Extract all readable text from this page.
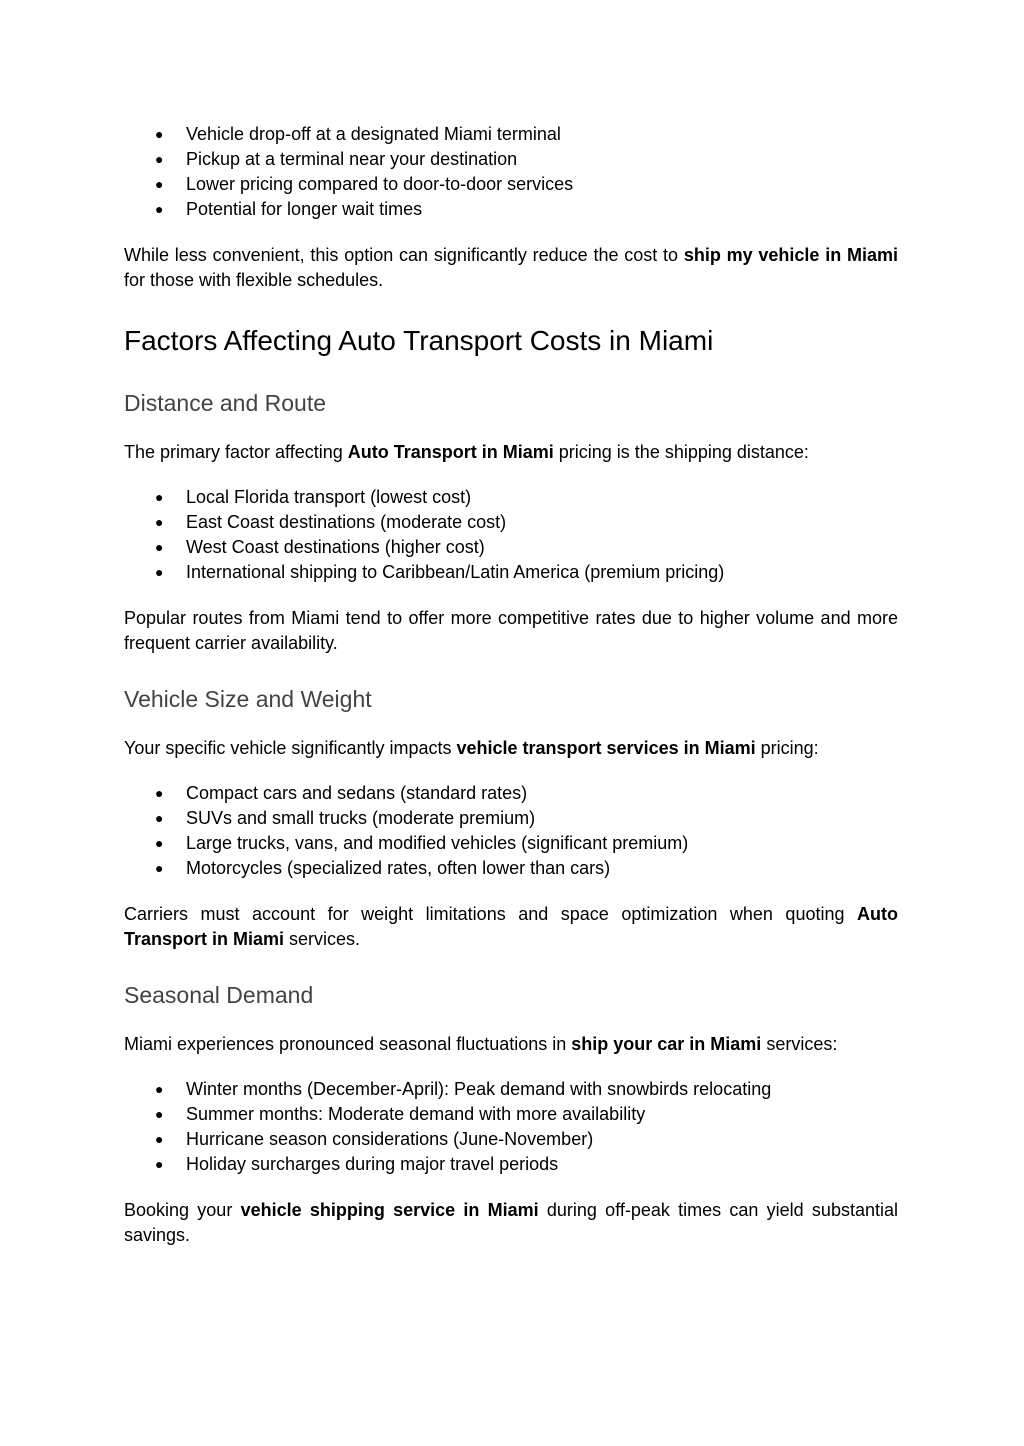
● Vehicle drop-off at a designated Miami terminal
● Pickup at a terminal near your destination
● Lower pricing compared to door-to-door services
● Potential for longer wait times

While less convenient, this option can significantly reduce the cost to ship my vehicle in Miami for those with flexible schedules.

Factors Affecting Auto Transport Costs in Miami
Distance and Route

The primary factor affecting Auto Transport in Miami pricing is the shipping distance:

● Local Florida transport (lowest cost)
● East Coast destinations (moderate cost)
● West Coast destinations (higher cost)
● International shipping to Caribbean/Latin America (premium pricing)

Popular routes from Miami tend to offer more competitive rates due to higher volume and more frequent carrier availability.

Vehicle Size and Weight

Your specific vehicle significantly impacts vehicle transport services in Miami pricing:

● Compact cars and sedans (standard rates)
● SUVs and small trucks (moderate premium)
● Large trucks, vans, and modified vehicles (significant premium)
● Motorcycles (specialized rates, often lower than cars)

Carriers must account for weight limitations and space optimization when quoting Auto Transport in Miami services.

Seasonal Demand

Miami experiences pronounced seasonal fluctuations in ship your car in Miami services:

● Winter months (December-April): Peak demand with snowbirds relocating
● Summer months: Moderate demand with more availability
● Hurricane season considerations (June-November)
● Holiday surcharges during major travel periods

Booking your vehicle shipping service in Miami during off-peak times can yield substantial savings.
